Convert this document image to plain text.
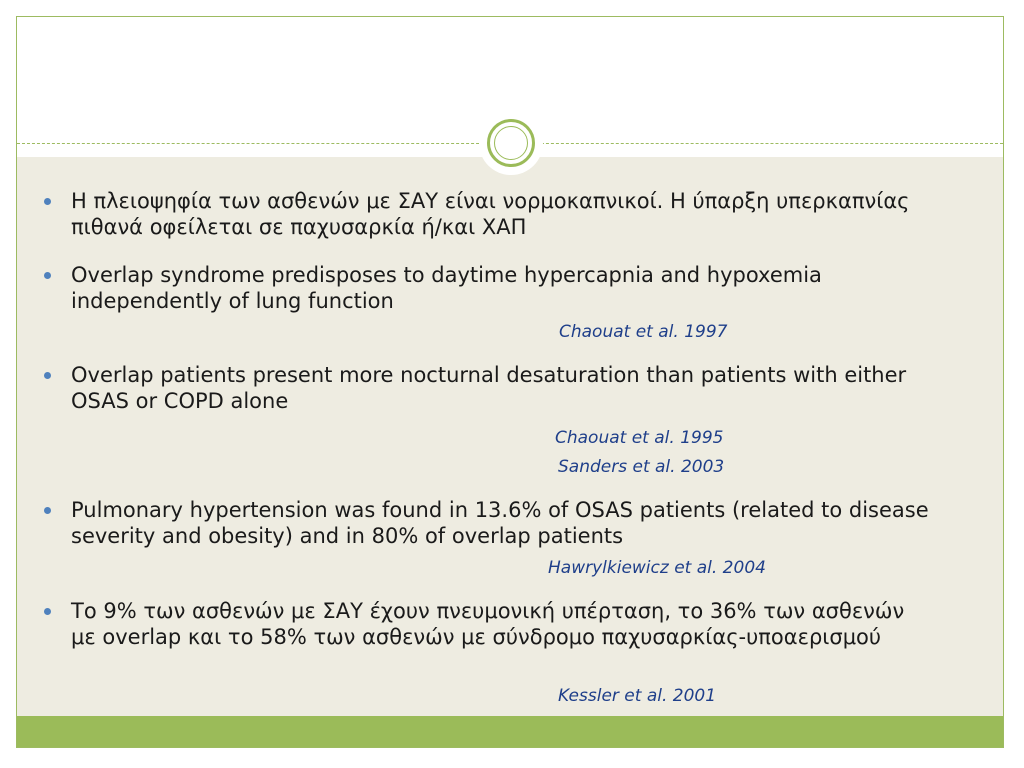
Η πλειοψηφία των ασθενών με ΣΑΥ είναι νορμοκαπνικοί. Η ύπαρξη υπερκαπνίας πιθανά οφείλεται σε παχυσαρκία ή/και ΧΑΠ
Overlap syndrome predisposes to daytime hypercapnia and hypoxemia independently of lung function
Chaouat et al. 1997
Overlap patients present more nocturnal desaturation than patients with either OSAS or COPD alone
Chaouat et al. 1995
Sanders et al. 2003
Pulmonary hypertension was found in 13.6% of OSAS patients (related to disease severity and obesity) and in 80% of overlap patients
Hawrylkiewicz et al. 2004
Το 9% των ασθενών με ΣΑΥ έχουν πνευμονική υπέρταση, το 36% των ασθενών με overlap και το 58% των ασθενών με σύνδρομο παχυσαρκίας-υποαερισμού
Kessler et al. 2001
